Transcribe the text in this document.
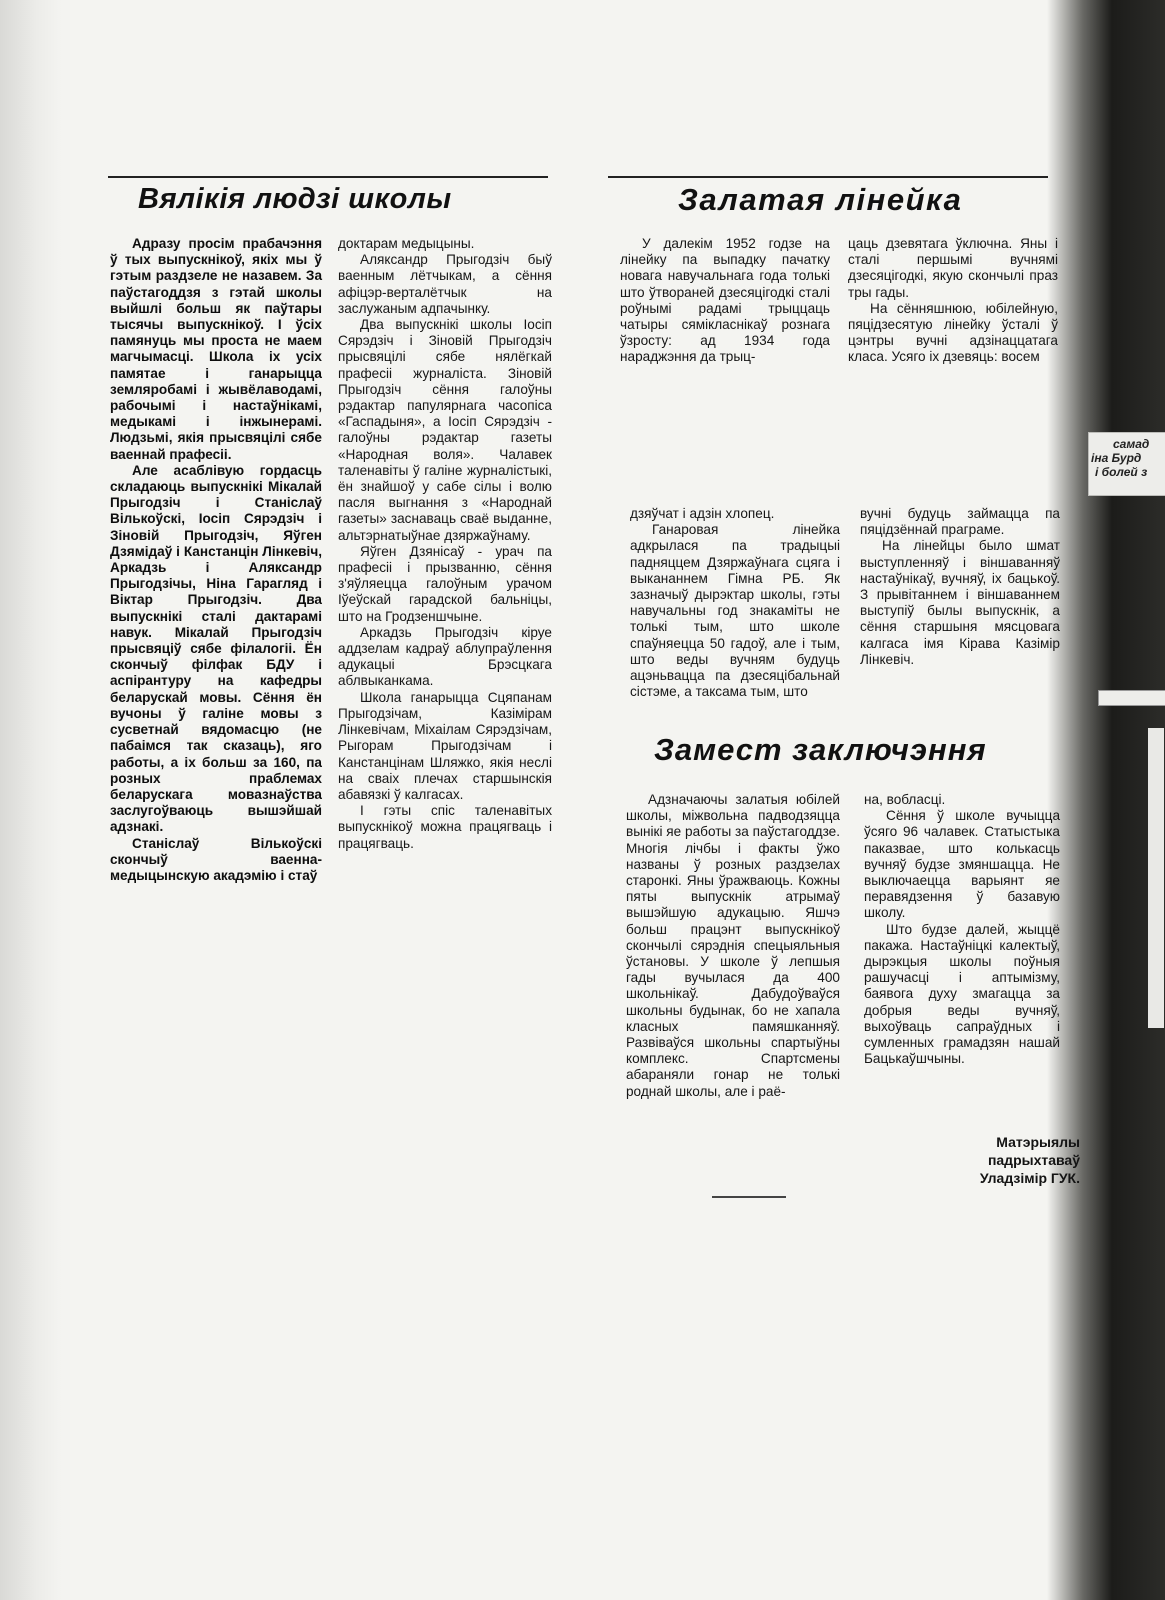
самад
іна Бурд
і болей з
Вялікія людзі школы

Адразу просім прабачэння ў тых выпускнікоў, якіх мы ў гэтым раздзеле не назавем. За паўстагоддзя з гэтай школы выйшлі больш як паўтары тысячы выпускнікоў. І ўсіх памянуць мы проста не маем магчымасці. Школа іх усіх памятае і ганарыцца земляробамі і жывёлаводамі, рабочымі і настаўнікамі, медыкамі і інжынерамі. Людзьмі, якія прысвяцілі сябе ваеннай прафесіі.

Але асаблівую гордасць складаюць выпускнікі Мікалай Прыгодзіч і Станіслаў Вількоўскі, Іосіп Сярэдзіч і Зіновій Прыгодзіч, Яўген Дзямідаў і Канстанцін Лінкевіч, Аркадзь і Аляксандр Прыгодзічы, Ніна Гарагляд і Віктар Прыгодзіч. Два выпускнікі сталі дактарамі навук. Мікалай Прыгодзіч прысвяціў сябе філалогіі. Ён скончыў філфак БДУ і аспірантуру на кафедры беларускай мовы. Сёння ён вучоны ў галіне мовы з сусветнай вядомасцю (не пабаімся так сказаць), яго работы, а іх больш за 160, па розных праблемах беларускага мовазнаўства заслугоўваюць вышэйшай адзнакі.

Станіслаў Вількоўскі скончыў ваенна-медыцынскую акадэмію і стаў

доктарам медыцыны.

Аляксандр Прыгодзіч быў ваенным лётчыкам, а сёння афіцэр-верталётчык на заслужаным адпачынку.

Два выпускнікі школы Іосіп Сярэдзіч і Зіновій Прыгодзіч прысвяцілі сябе нялёгкай прафесіі журналіста. Зіновій Прыгодзіч сёння галоўны рэдактар папулярнага часопіса «Гаспадыня», а Іосіп Сярэдзіч - галоўны рэдактар газеты «Народная воля». Чалавек таленавіты ў галіне журналістыкі, ён знайшоў у сабе сілы і волю пасля выгнання з «Народнай газеты» заснаваць сваё выданне, альтэрнатыўнае дзяржаўнаму.

Яўген Дзянісаў - урач па прафесіі і прызванню, сёння з'яўляецца галоўным урачом Іўеўскай гарадской бальніцы, што на Гродзеншчыне.

Аркадзь Прыгодзіч кіруе аддзелам кадраў аблупраўлення адукацыі Брэсцкага аблвыканкама.

Школа ганарыцца Сцяпанам Прыгодзічам, Казімірам Лінкевічам, Міхаілам Сярэдзічам, Рыгорам Прыгодзічам і Канстанцінам Шляжко, якія неслі на сваіх плечах старшынскія абавязкі ў калгасах.

І гэты спіс таленавітых выпускнікоў можна працягваць і працягваць.

Залатая лінейка

У далекім 1952 годзе на лінейку па выпадку пачатку новага навучальнага года толькі што ўтвораней дзесяцігодкі сталі роўнымі радамі трыццаць чатыры сямікласнікаў рознага ўзросту: ад 1934 года нараджэння да трыц-

цаць дзевятага ўключна. Яны і сталі першымі вучнямі дзесяцігодкі, якую скончылі праз тры гады.

На сённяшнюю, юбілейную, пяцідзесятую лінейку ўсталі ў цэнтры вучні адзінаццатага класа. Усяго іх дзевяць: восем

дзяўчат і адзін хлопец.

Ганаровая лінейка адкрылася па традыцыі падняццем Дзяржаўнага сцяга і выкананнем Гімна РБ. Як зазначыў дырэктар школы, гэты навучальны год знакаміты не толькі тым, што школе спаўняецца 50 гадоў, але і тым, што веды вучням будуць ацэньвацца па дзесяцібальнай сістэме, а таксама тым, што

вучні будуць займацца па пяцідзённай праграме.

На лінейцы было шмат выступленняў і віншаванняў настаўнікаў, вучняў, іх бацькоў. З прывітаннем і віншаваннем выступіў былы выпускнік, а сёння старшыня мясцовага калгаса імя Кірава Казімір Лінкевіч.

Замест заключэння

Адзначаючы залатыя юбілей школы, міжвольна падводзяцца вынікі яе работы за паўстагоддзе. Многія лічбы і факты ўжо названы ў розных раздзелах старонкі. Яны ўражваюць. Кожны пяты выпускнік атрымаў вышэйшую адукацыю. Яшчэ больш працэнт выпускнікоў скончылі сярэднія спецыяльныя ўстановы. У школе ў лепшыя гады вучылася да 400 школьнікаў. Дабудоўваўся школьны будынак, бо не хапала класных памяшканняў. Развіваўся школьны спартыўны комплекс. Спартсмены абараняли гонар не толькі роднай школы, але і раё-

на, вобласці.

Сёння ў школе вучыцца ўсяго 96 чалавек. Статыстыка паказвае, што колькасць вучняў будзе змяншацца. Не выключаецца варыянт яе перавядзення ў базавую школу.

Што будзе далей, жыццё пакажа. Настаўніцкі калектыў, дырэкцыя школы поўныя рашучасці і аптымізму, баявога духу змагацца за добрыя веды вучняў, выхоўваць сапраўдных і сумленных грамадзян нашай Бацькаўшчыны.

Матэрыялы
падрыхтаваў
Уладзімір ГУК.
